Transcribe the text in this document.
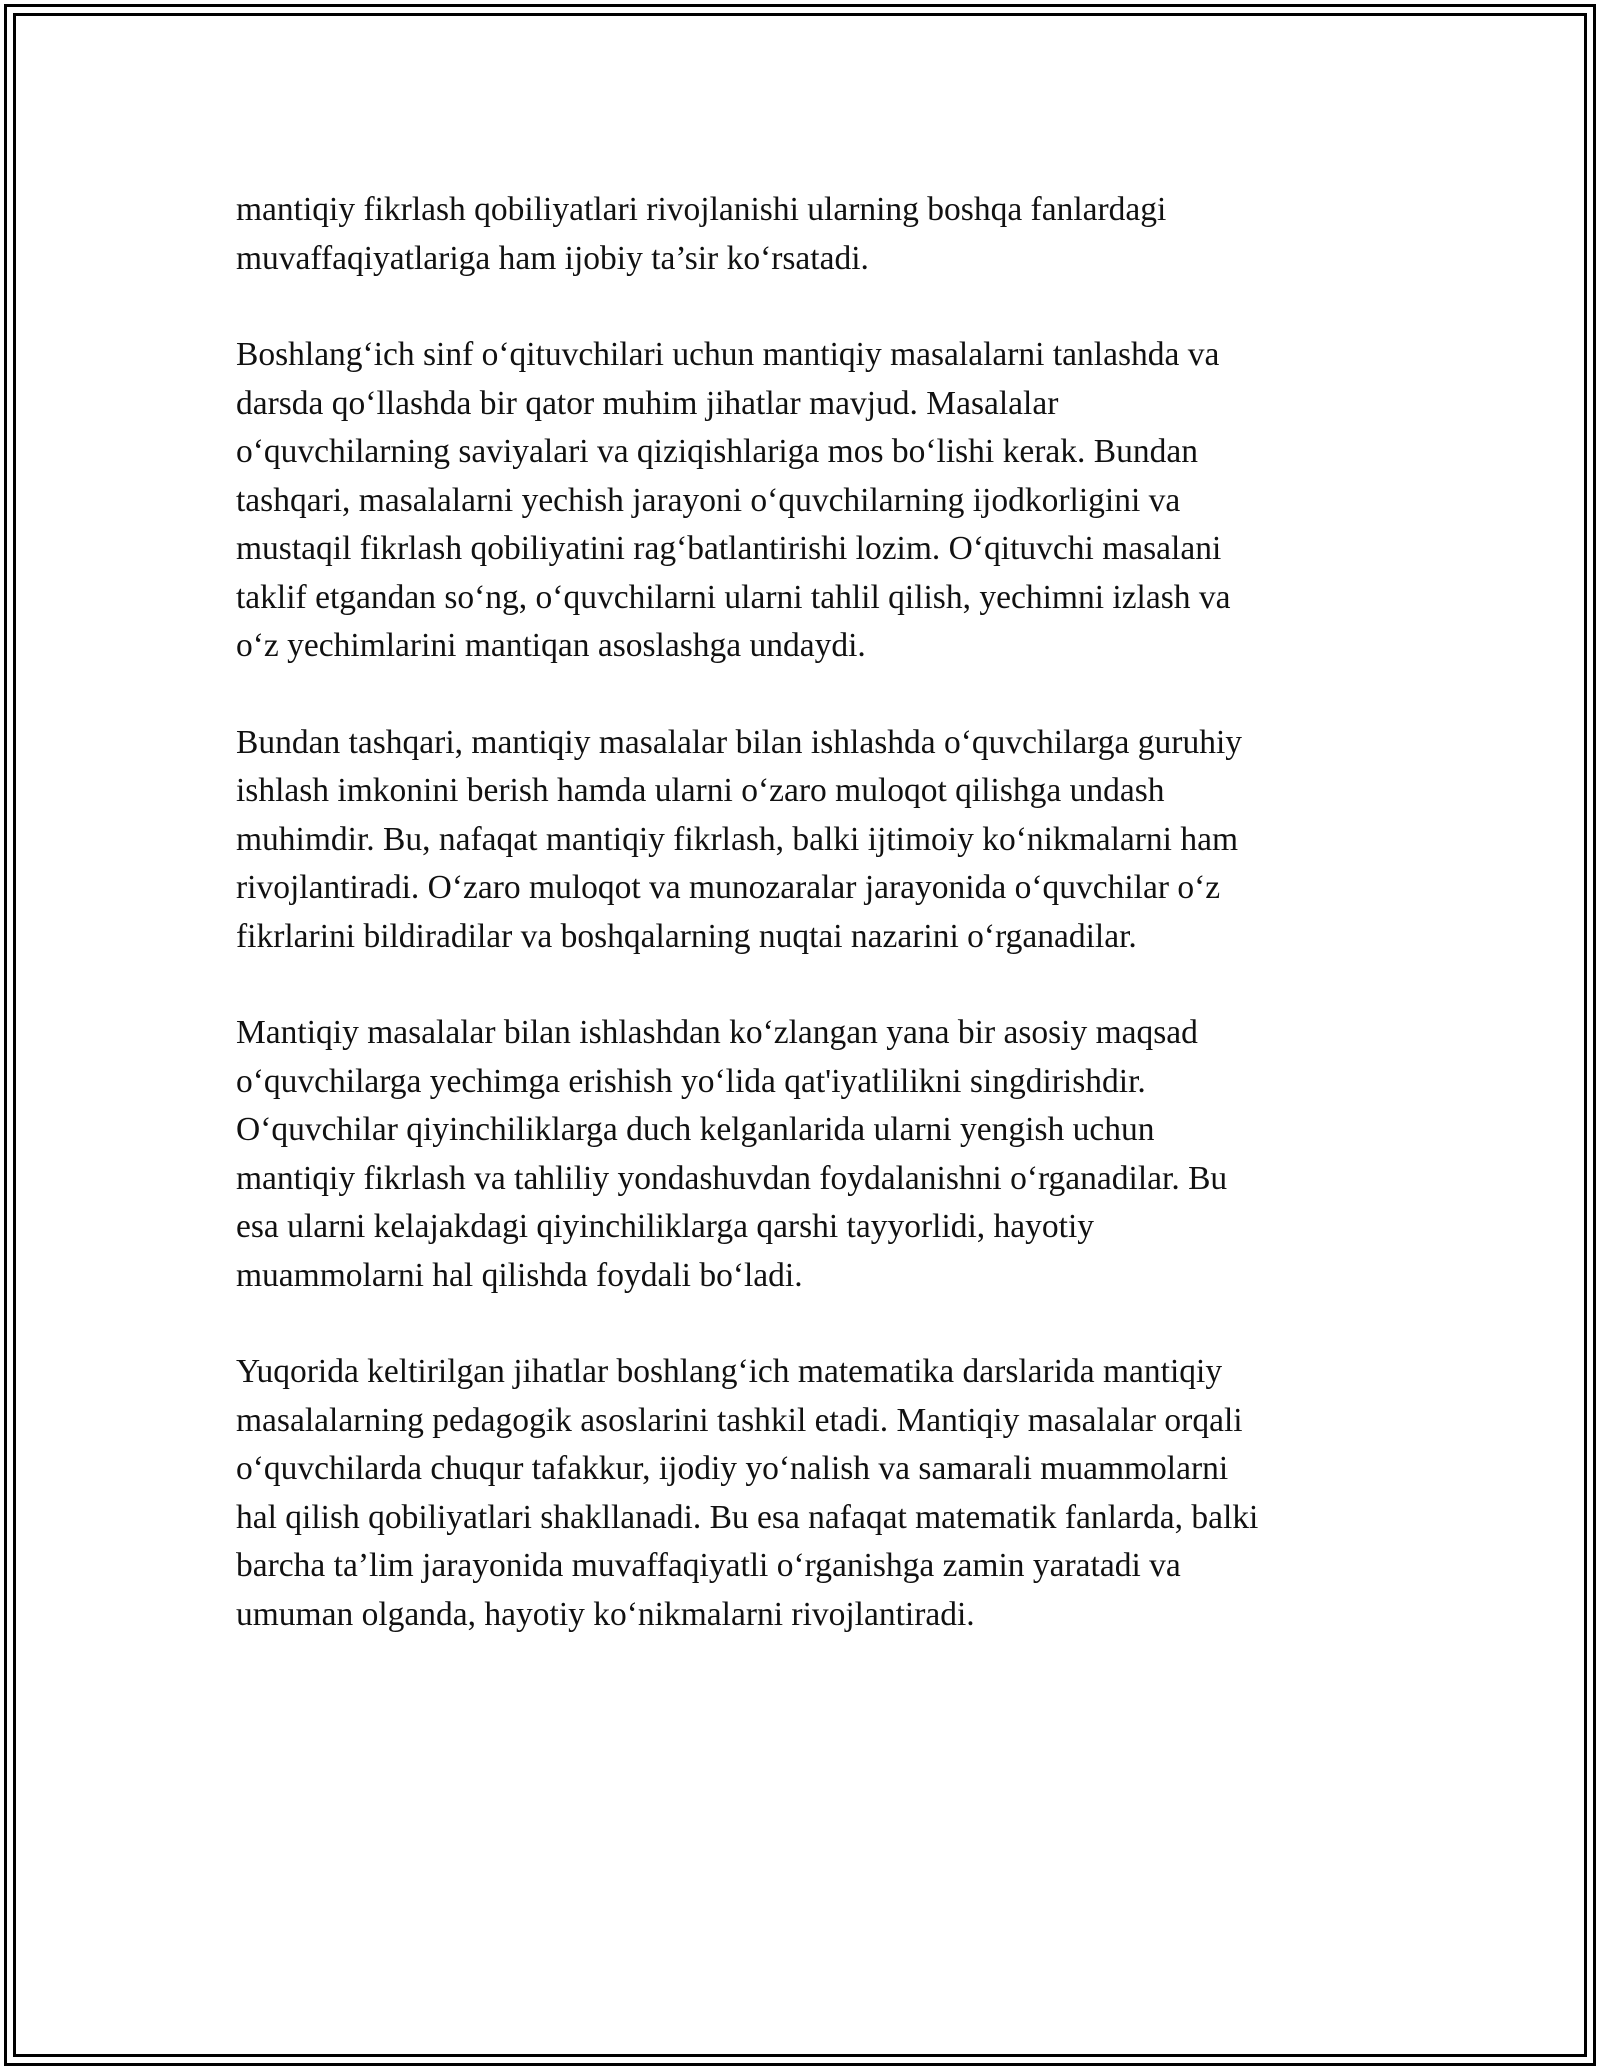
mantiqiy fikrlash qobiliyatlari rivojlanishi ularning boshqa fanlardagi
muvaffaqiyatlariga ham ijobiy ta’sir koʻrsatadi.

Boshlangʻich sinf oʻqituvchilari uchun mantiqiy masalalarni tanlashda va
darsda qoʻllashda bir qator muhim jihatlar mavjud. Masalalar
oʻquvchilarning saviyalari va qiziqishlariga mos boʻlishi kerak. Bundan
tashqari, masalalarni yechish jarayoni oʻquvchilarning ijodkorligini va
mustaqil fikrlash qobiliyatini ragʻbatlantirishi lozim. Oʻqituvchi masalani
taklif etgandan soʻng, oʻquvchilarni ularni tahlil qilish, yechimni izlash va
oʻz yechimlarini mantiqan asoslashga undaydi.

Bundan tashqari, mantiqiy masalalar bilan ishlashda oʻquvchilarga guruhiy
ishlash imkonini berish hamda ularni oʻzaro muloqot qilishga undash
muhimdir. Bu, nafaqat mantiqiy fikrlash, balki ijtimoiy koʻnikmalarni ham
rivojlantiradi. Oʻzaro muloqot va munozaralar jarayonida oʻquvchilar oʻz
fikrlarini bildiradilar va boshqalarning nuqtai nazarini oʻrganadilar.

Mantiqiy masalalar bilan ishlashdan koʻzlangan yana bir asosiy maqsad
oʻquvchilarga yechimga erishish yoʻlida qat'iyatlilikni singdirishdir.
Oʻquvchilar qiyinchiliklarga duch kelganlarida ularni yengish uchun
mantiqiy fikrlash va tahliliy yondashuvdan foydalanishni oʻrganadilar. Bu
esa ularni kelajakdagi qiyinchiliklarga qarshi tayyorlidi, hayotiy
muammolarni hal qilishda foydali boʻladi.

Yuqorida keltirilgan jihatlar boshlangʻich matematika darslarida mantiqiy
masalalarning pedagogik asoslarini tashkil etadi. Mantiqiy masalalar orqali
oʻquvchilarda chuqur tafakkur, ijodiy yoʻnalish va samarali muammolarni
hal qilish qobiliyatlari shakllanadi. Bu esa nafaqat matematik fanlarda, balki
barcha ta’lim jarayonida muvaffaqiyatli oʻrganishga zamin yaratadi va
umuman olganda, hayotiy koʻnikmalarni rivojlantiradi.
